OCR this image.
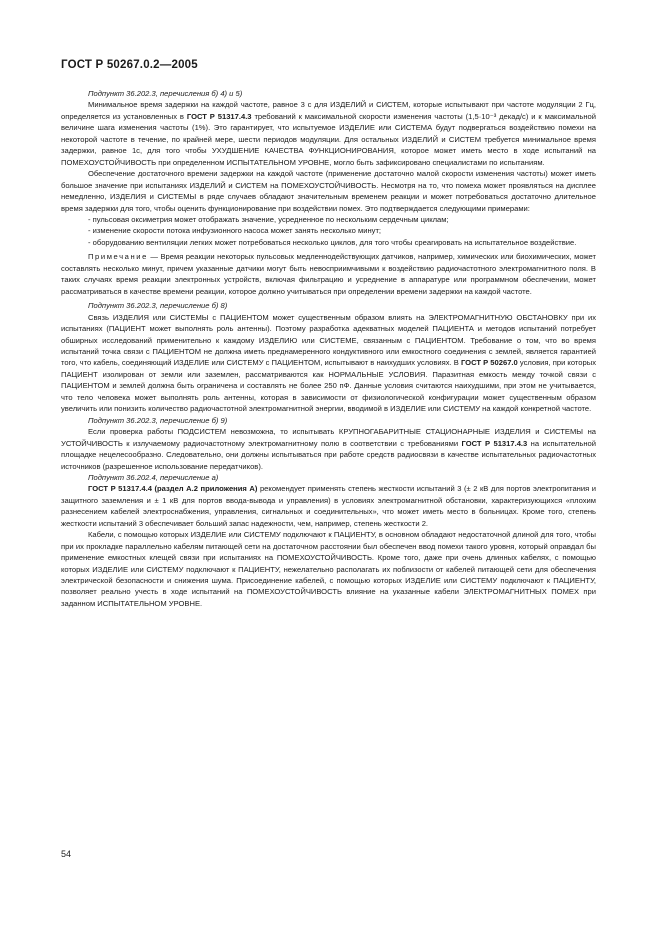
ГОСТ Р 50267.0.2—2005

Подпункт 36.202.3, перечисления б) 4) и 5)

Минимальное время задержки на каждой частоте, равное 3 с для ИЗДЕЛИЙ и СИСТЕМ, которые испытывают при частоте модуляции 2 Гц, определяется из установленных в ГОСТ Р 51317.4.3 требований к максимальной скорости изменения частоты (1,5·10⁻³ декад/с) и к максимальной величине шага изменения частоты (1%). Это гарантирует, что испытуемое ИЗДЕЛИЕ или СИСТЕМА будут подвергаться воздействию помехи на некоторой частоте в течение, по крайней мере, шести периодов модуляции. Для остальных ИЗДЕЛИЙ и СИСТЕМ требуется минимальное время задержки, равное 1с, для того чтобы УХУДШЕНИЕ КАЧЕСТВА ФУНКЦИОНИРОВАНИЯ, которое может иметь место в ходе испытаний на ПОМЕХОУСТОЙЧИВОСТЬ при определенном ИСПЫТАТЕЛЬНОМ УРОВНЕ, могло быть зафиксировано специалистами по испытаниям.

Обеспечение достаточного времени задержки на каждой частоте (применение достаточно малой скорости изменения частоты) может иметь большое значение при испытаниях ИЗДЕЛИЙ и СИСТЕМ на ПОМЕХОУСТОЙЧИВОСТЬ. Несмотря на то, что помеха может проявляться на дисплее немедленно, ИЗДЕЛИЯ и СИСТЕМЫ в ряде случаев обладают значительным временем реакции и может потребоваться достаточно длительное время задержки для того, чтобы оценить функционирование при воздействии помех. Это подтверждается следующими примерами:

- пульсовая оксиметрия может отображать значение, усредненное по нескольким сердечным циклам;

- изменение скорости потока инфузионного насоса может занять несколько минут;

- оборудованию вентиляции легких может потребоваться несколько циклов, для того чтобы среагировать на испытательное воздействие.

Примечание — Время реакции некоторых пульсовых медленнодействующих датчиков, например, химических или биохимических, может составлять несколько минут, причем указанные датчики могут быть невосприимчивыми к воздействию радиочастотного электромагнитного поля. В таких случаях время реакции электронных устройств, включая фильтрацию и усреднение в аппаратуре или программном обеспечении, может рассматриваться в качестве времени реакции, которое должно учитываться при определении времени задержки на каждой частоте.

Подпункт 36.202.3, перечисление б) 8)

Связь ИЗДЕЛИЯ или СИСТЕМЫ с ПАЦИЕНТОМ может существенным образом влиять на ЭЛЕКТРОМАГНИТНУЮ ОБСТАНОВКУ при их испытаниях (ПАЦИЕНТ может выполнять роль антенны). Поэтому разработка адекватных моделей ПАЦИЕНТА и методов испытаний потребует обширных исследований применительно к каждому ИЗДЕЛИЮ или СИСТЕМЕ, связанным с ПАЦИЕНТОМ. Требование о том, что во время испытаний точка связи с ПАЦИЕНТОМ не должна иметь преднамеренного кондуктивного или емкостного соединения с землей, является гарантией того, что кабель, соединяющий ИЗДЕЛИЕ или СИСТЕМУ с ПАЦИЕНТОМ, испытывают в наихудших условиях. В ГОСТ Р 50267.0 условия, при которых ПАЦИЕНТ изолирован от земли или заземлен, рассматриваются как НОРМАЛЬНЫЕ УСЛОВИЯ. Паразитная емкость между точкой связи с ПАЦИЕНТОМ и землей должна быть ограничена и составлять не более 250 пФ. Данные условия считаются наихудшими, при этом не учитывается, что тело человека может выполнять роль антенны, которая в зависимости от физиологической конфигурации может существенным образом увеличить или понизить количество радиочастотной электромагнитной энергии, вводимой в ИЗДЕЛИЕ или СИСТЕМУ на каждой конкретной частоте.

Подпункт 36.202.3, перечисление б) 9)

Если проверка работы ПОДСИСТЕМ невозможна, то испытывать КРУПНОГАБАРИТНЫЕ СТАЦИОНАРНЫЕ ИЗДЕЛИЯ и СИСТЕМЫ на УСТОЙЧИВОСТЬ к излучаемому радиочастотному электромагнитному полю в соответствии с требованиями ГОСТ Р 51317.4.3 на испытательной площадке нецелесообразно. Следовательно, они должны испытываться при работе средств радиосвязи в качестве испытательных радиочастотных источников (разрешенное использование передатчиков).

Подпункт 36.202.4, перечисление а)

ГОСТ Р 51317.4.4 (раздел А.2 приложения А) рекомендует применять степень жесткости испытаний 3 (± 2 кВ для портов электропитания и защитного заземления и ± 1 кВ для портов ввода-вывода и управления) в условиях электромагнитной обстановки, характеризующихся «плохим разнесением кабелей электроснабжения, управления, сигнальных и соединительных», что может иметь место в больницах. Кроме того, степень жесткости испытаний 3 обеспечивает больший запас надежности, чем, например, степень жесткости 2.

Кабели, с помощью которых ИЗДЕЛИЕ или СИСТЕМУ подключают к ПАЦИЕНТУ, в основном обладают недостаточной длиной для того, чтобы при их прокладке параллельно кабелям питающей сети на достаточном расстоянии был обеспечен ввод помехи такого уровня, который оправдал бы применение емкостных клещей связи при испытаниях на ПОМЕХОУСТОЙЧИВОСТЬ. Кроме того, даже при очень длинных кабелях, с помощью которых ИЗДЕЛИЕ или СИСТЕМУ подключают к ПАЦИЕНТУ, нежелательно располагать их поблизости от кабелей питающей сети для обеспечения электрической безопасности и снижения шума. Присоединение кабелей, с помощью которых ИЗДЕЛИЕ или СИСТЕМУ подключают к ПАЦИЕНТУ, позволяет реально учесть в ходе испытаний на ПОМЕХОУСТОЙЧИВОСТЬ влияние на указанные кабели ЭЛЕКТРОМАГНИТНЫХ ПОМЕХ при заданном ИСПЫТАТЕЛЬНОМ УРОВНЕ.

54
